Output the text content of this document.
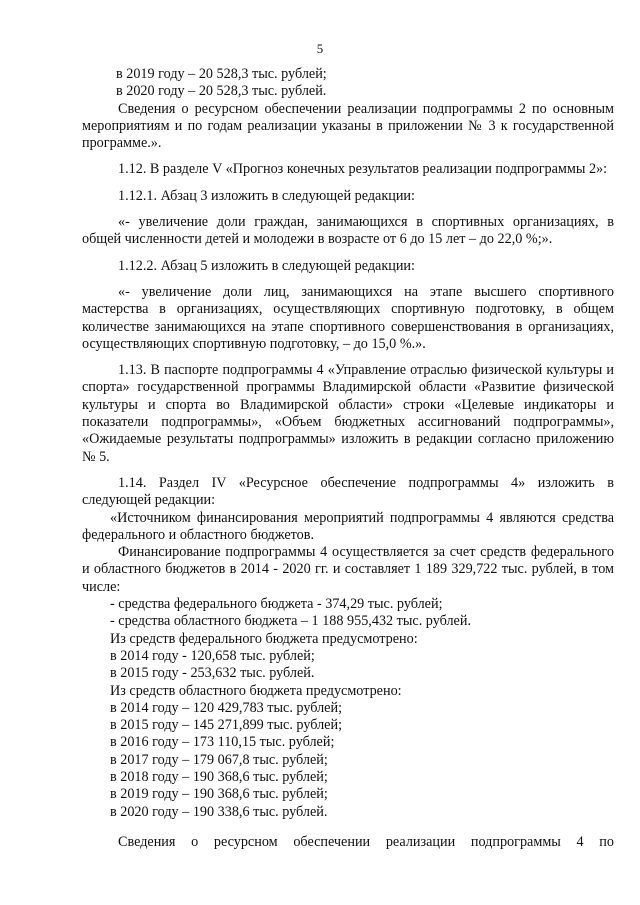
5

в 2019 году – 20 528,3 тыс. рублей;

в 2020 году – 20 528,3 тыс. рублей.

Сведения о ресурсном обеспечении реализации подпрограммы 2 по основным мероприятиям и по годам реализации указаны в приложении № 3 к государственной программе.».

1.12. В разделе V «Прогноз конечных результатов реализации подпрограммы 2»:

1.12.1. Абзац 3 изложить в следующей редакции:

«- увеличение доли граждан, занимающихся в спортивных организациях, в общей численности детей и молодежи в возрасте от 6 до 15 лет – до 22,0 %;».

1.12.2. Абзац 5 изложить в следующей редакции:

«- увеличение доли лиц, занимающихся на этапе высшего спортивного мастерства в организациях, осуществляющих спортивную подготовку, в общем количестве занимающихся на этапе спортивного совершенствования в организациях, осуществляющих спортивную подготовку, – до 15,0 %.».

1.13. В паспорте подпрограммы 4 «Управление отраслью физической культуры и спорта» государственной программы Владимирской области «Развитие физической культуры и спорта во Владимирской области» строки «Целевые индикаторы и показатели подпрограммы», «Объем бюджетных ассигнований подпрограммы», «Ожидаемые результаты подпрограммы» изложить в редакции согласно приложению № 5.

1.14. Раздел IV «Ресурсное обеспечение подпрограммы 4» изложить в следующей редакции:

«Источником финансирования мероприятий подпрограммы 4 являются средства федерального и областного бюджетов.

Финансирование подпрограммы 4 осуществляется за счет средств федерального и областного бюджетов в 2014 - 2020 гг. и составляет 1 189 329,722 тыс. рублей, в том числе:

- средства федерального бюджета - 374,29 тыс. рублей;

- средства областного бюджета – 1 188 955,432 тыс. рублей.

Из средств федерального бюджета предусмотрено:

в 2014 году - 120,658 тыс. рублей;

в 2015 году - 253,632 тыс. рублей.

Из средств областного бюджета предусмотрено:

в 2014 году – 120 429,783 тыс. рублей;

в 2015 году – 145 271,899 тыс. рублей;

в 2016 году – 173 110,15 тыс. рублей;

в 2017 году – 179 067,8 тыс. рублей;

в 2018 году – 190 368,6 тыс. рублей;

в 2019 году – 190 368,6 тыс. рублей;

в 2020 году – 190 338,6 тыс. рублей.

Сведения о ресурсном обеспечении реализации подпрограммы 4 по
